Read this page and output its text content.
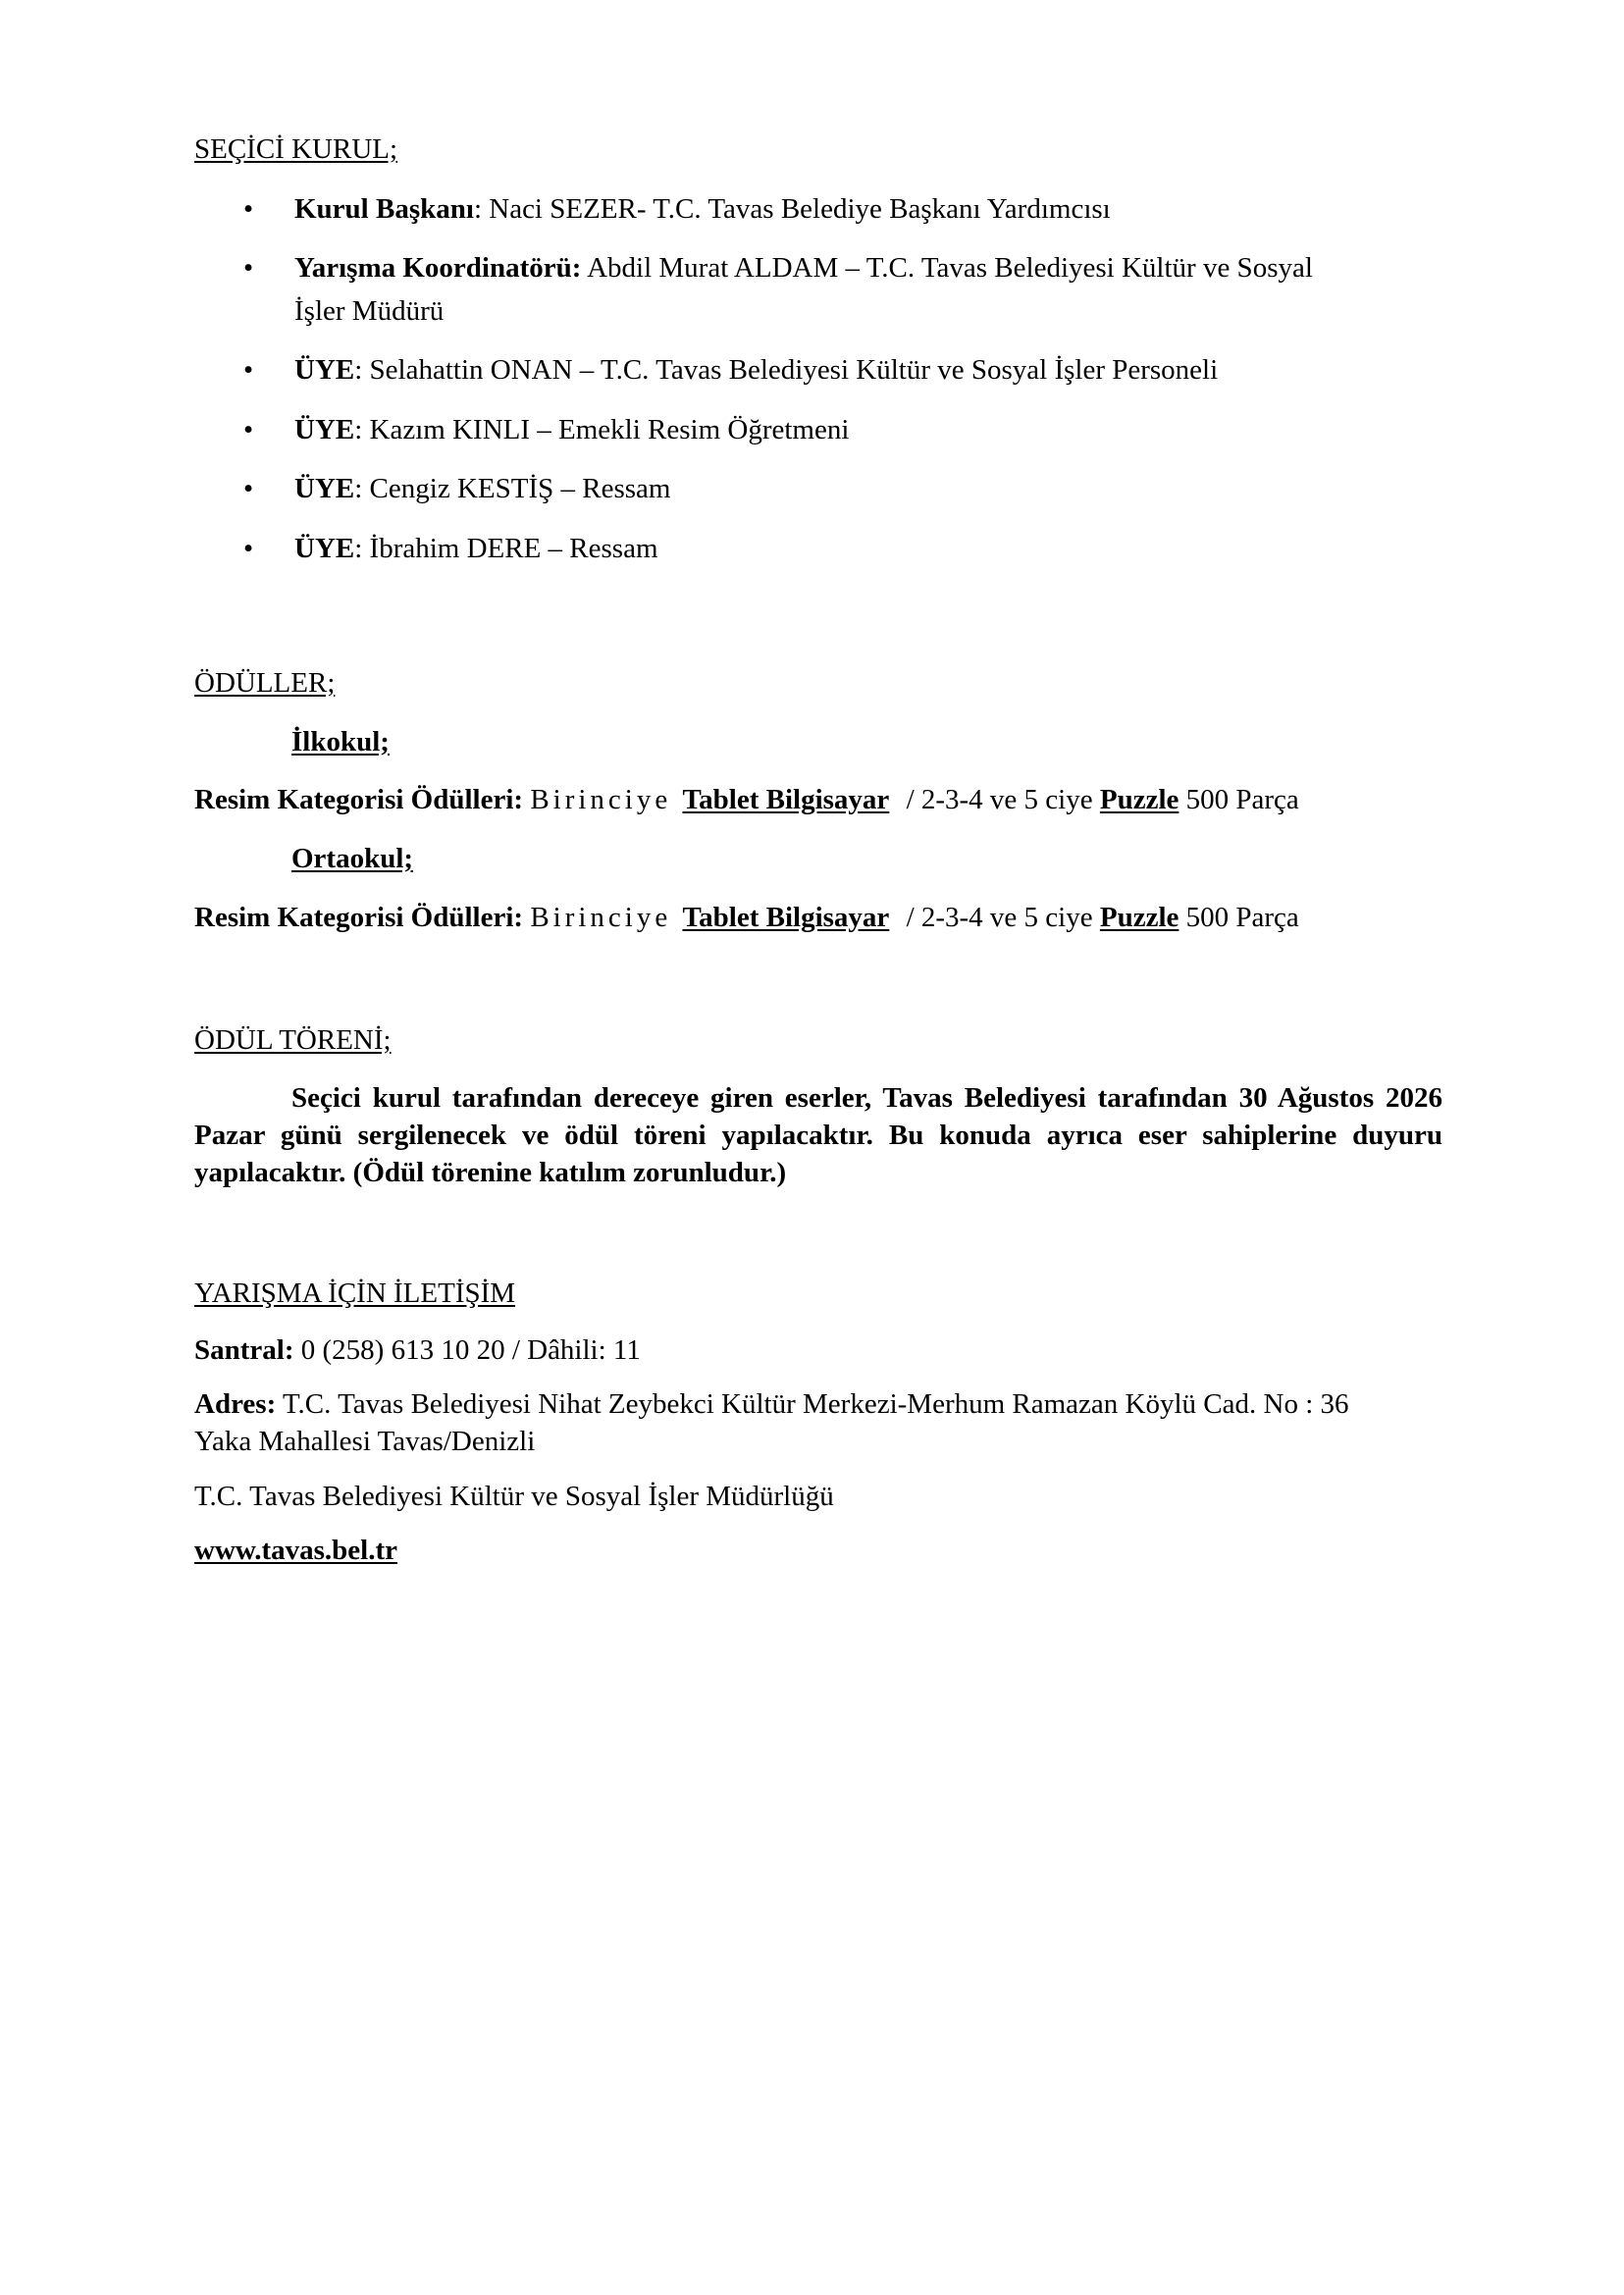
SEÇİCİ KURUL;

• Kurul Başkanı: Naci SEZER- T.C. Tavas Belediye Başkanı Yardımcısı
• Yarışma Koordinatörü: Abdil Murat ALDAM – T.C. Tavas Belediyesi Kültür ve Sosyal İşler Müdürü
• ÜYE: Selahattin ONAN – T.C. Tavas Belediyesi Kültür ve Sosyal İşler Personeli
• ÜYE: Kazım KINLI – Emekli Resim Öğretmeni
• ÜYE: Cengiz KESTİŞ – Ressam
• ÜYE: İbrahim DERE – Ressam

ÖDÜLLER;

İlkokul;

Resim Kategorisi Ödülleri: Birinciye Tablet Bilgisayar / 2-3-4 ve 5 ciye Puzzle 500 Parça

Ortaokul;

Resim Kategorisi Ödülleri: Birinciye Tablet Bilgisayar / 2-3-4 ve 5 ciye Puzzle 500 Parça

ÖDÜL TÖRENİ;

Seçici kurul tarafından dereceye giren eserler, Tavas Belediyesi tarafından 30 Ağustos 2026 Pazar günü sergilenecek ve ödül töreni yapılacaktır. Bu konuda ayrıca eser sahiplerine duyuru yapılacaktır. (Ödül törenine katılım zorunludur.)

YARIŞMA İÇİN İLETİŞİM

Santral: 0 (258) 613 10 20 / Dâhili: 11

Adres: T.C. Tavas Belediyesi Nihat Zeybekci Kültür Merkezi-Merhum Ramazan Köylü Cad. No : 36 Yaka Mahallesi Tavas/Denizli

T.C. Tavas Belediyesi Kültür ve Sosyal İşler Müdürlüğü

www.tavas.bel.tr
